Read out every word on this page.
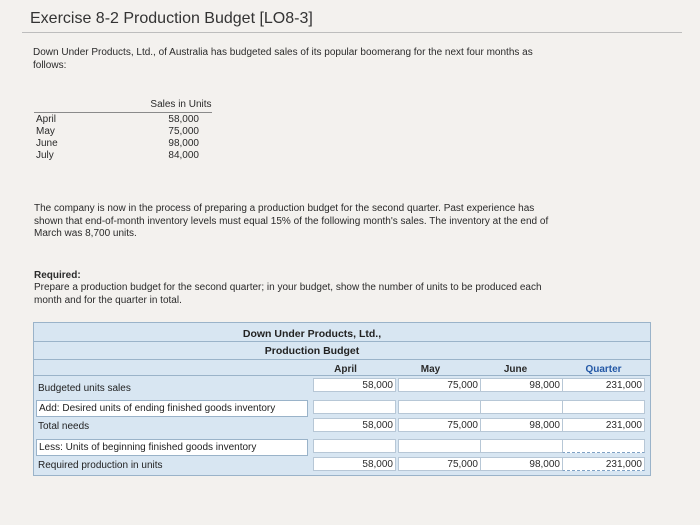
Exercise 8-2 Production Budget [LO8-3]
Down Under Products, Ltd., of Australia has budgeted sales of its popular boomerang for the next four months as follows:
Sales in Units
April	58,000
May	75,000
June	98,000
July	84,000
The company is now in the process of preparing a production budget for the second quarter. Past experience has shown that end-of-month inventory levels must equal 15% of the following month's sales. The inventory at the end of March was 8,700 units.
Required:
Prepare a production budget for the second quarter; in your budget, show the number of units to be produced each month and for the quarter in total.
Down Under Products, Ltd.,
Production Budget
April	May	June	Quarter
Budgeted units sales	58,000	75,000	98,000	231,000
Add: Desired units of ending finished goods inventory
Total needs	58,000	75,000	98,000	231,000
Less: Units of beginning finished goods inventory
Required production in units	58,000	75,000	98,000	231,000
